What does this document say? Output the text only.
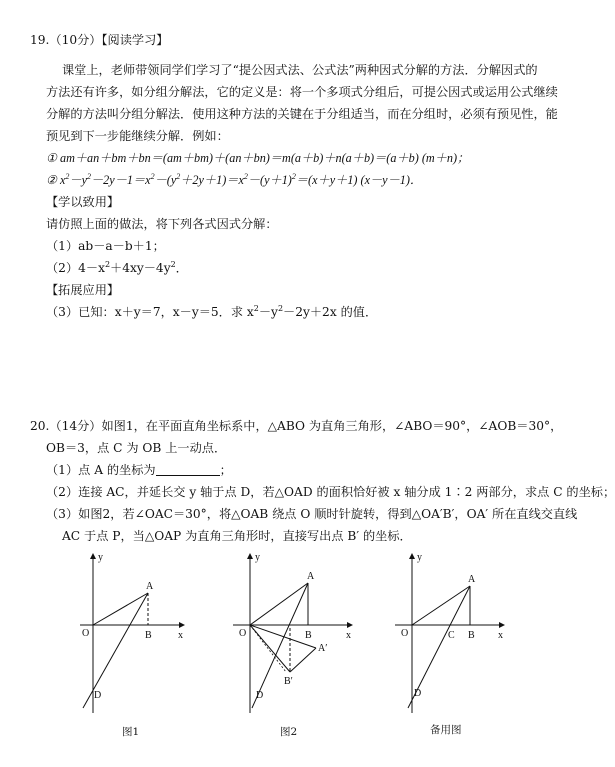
19.（10分）【阅读学习】
课堂上，老师带领同学们学习了“提公因式法、公式法”两种因式分解的方法．分解因式的
方法还有许多，如分组分解法，它的定义是：将一个多项式分组后，可提公因式或运用公式继续
分解的方法叫分组分解法．使用这种方法的关键在于分组适当，而在分组时，必须有预见性，能
预见到下一步能继续分解．例如：
① am＋an＋bm＋bn＝(am＋bm)＋(an＋bn)＝m(a＋b)＋n(a＋b)＝(a＋b) (m＋n)；
② $x^2-y^2-2y-1=x^2-(y^2+2y+1)=x^2-(y+1)^2=(x+y+1)$ (x－y－1)．
【学以致用】
请仿照上面的做法，将下列各式因式分解：
（1）ab－a－b＋1；
$(2)4-x^2+4xy-4y^2$．
【拓展应用】
（3）已知：x＋y＝7，x－y＝5．求 $x^2-y^2-2y+2x$ 的值．
20.（14分）如图1，在平面直角坐标系中，△ABO 为直角三角形，∠ABO＝90°，∠AOB＝30°，
OB＝3，点 C 为 OB 上一动点．
（1）点 A 的坐标为	；
（2）连接 AC，并延长交 y 轴于点 D，若△OAD 的面积恰好被 x 轴分成 1∶2 两部分，求点 C 的坐标；
（3）如图2，若∠OAC＝30°，将△OAB 绕点 O 顺时针旋转，得到△OA′B′，OA′ 所在直线交直线
AC 于点 P，当△OAP 为直角三角形时，直接写出点 B′ 的坐标．
y
x
O
A
B
D
图1
y
x
O
A
B
A′
B′
D
图2
y
x
O
A
C B
D
备用图
